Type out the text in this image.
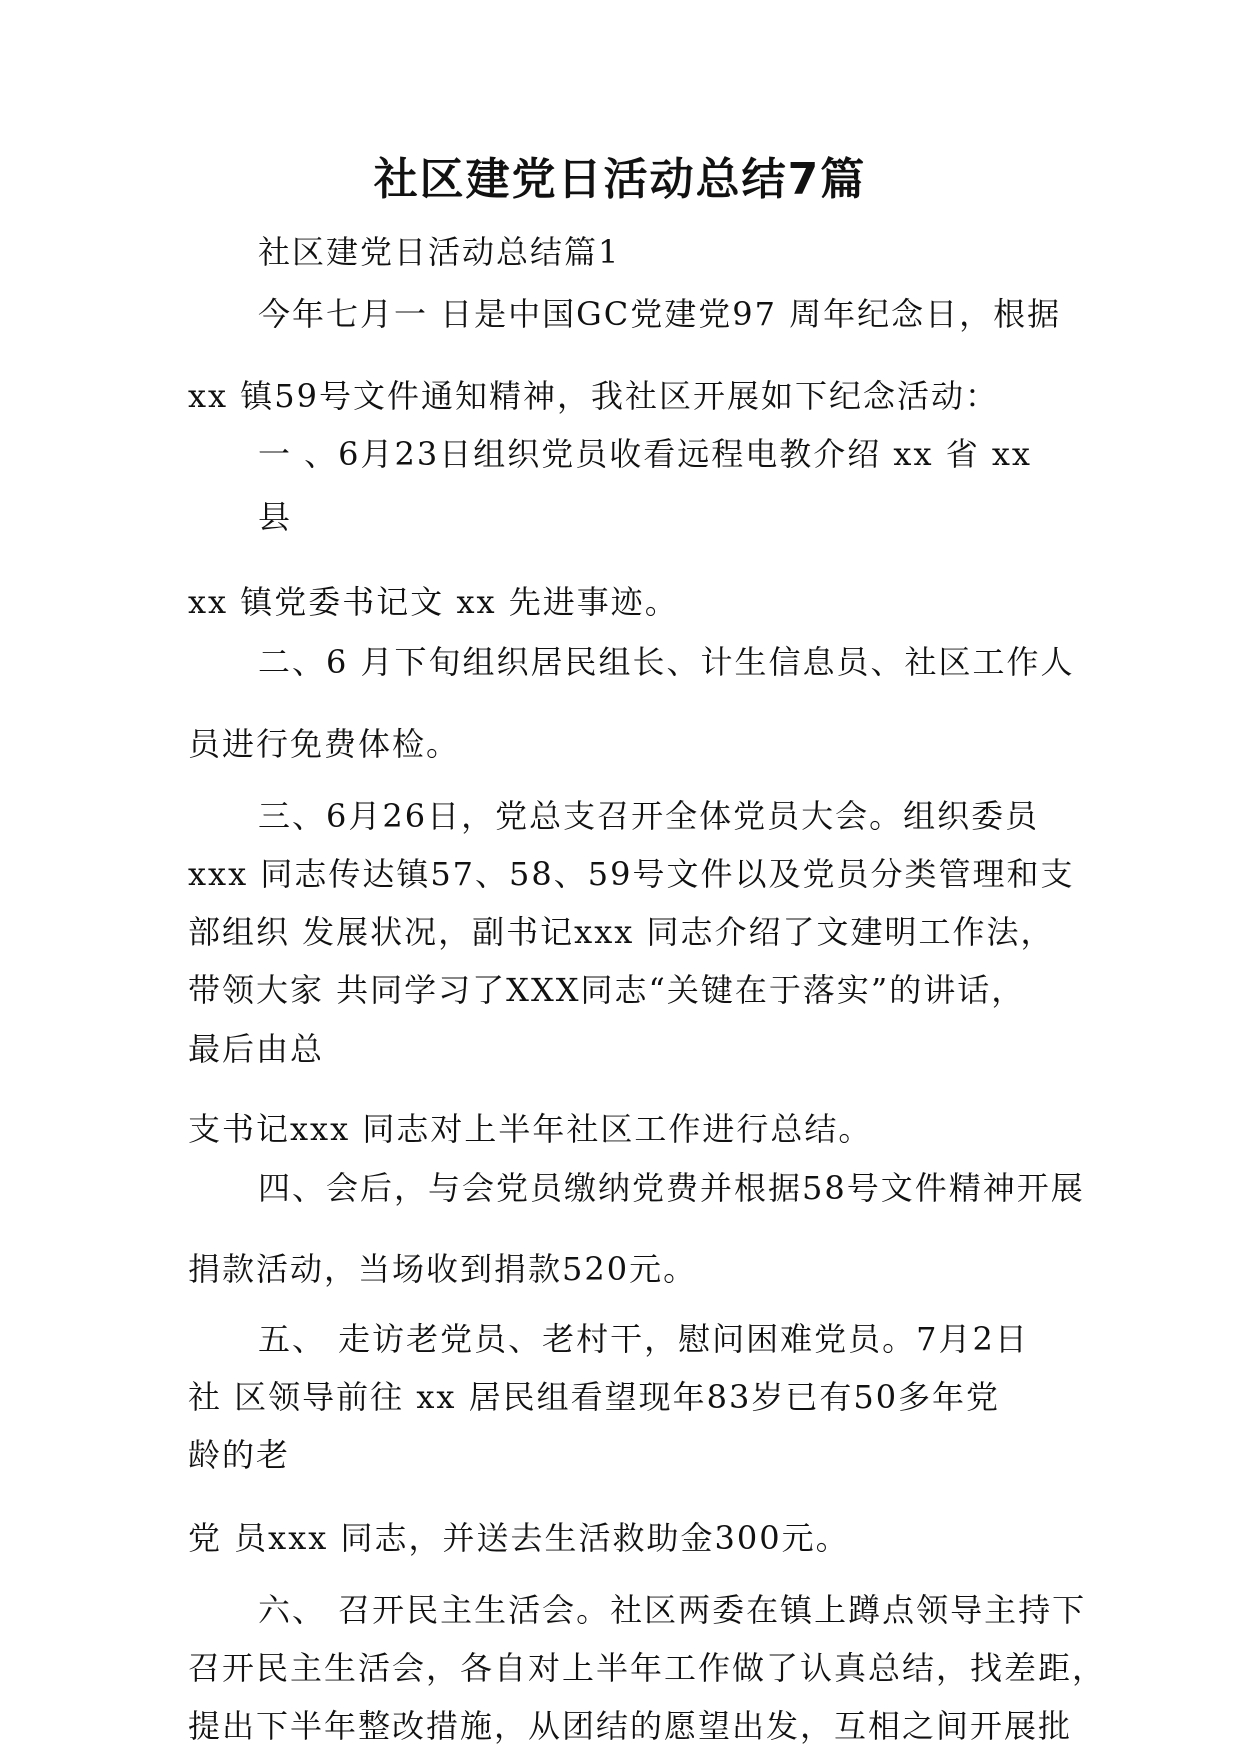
社区建党日活动总结7篇
社区建党日活动总结篇1
今年七月一 日是中国GC党建党97 周年纪念日，根据
xx 镇59号文件通知精神，我社区开展如下纪念活动：
一 、6月23日组织党员收看远程电教介绍 xx 省 xx
县
xx 镇党委书记文 xx 先进事迹。
二、6 月下旬组织居民组长、计生信息员、社区工作人
员进行免费体检。
三、6月26日，党总支召开全体党员大会。组织委员
xxx 同志传达镇57、58、59号文件以及党员分类管理和支
部组织 发展状况，副书记xxx 同志介绍了文建明工作法，
带领大家 共同学习了XXX同志“关键在于落实”的讲话，
最后由总
支书记xxx 同志对上半年社区工作进行总结。
四、会后，与会党员缴纳党费并根据58号文件精神开展
捐款活动，当场收到捐款520元。
五、 走访老党员、老村干，慰问困难党员。7月2日
社 区领导前往 xx 居民组看望现年83岁已有50多年党
龄的老
党 员xxx 同志，并送去生活救助金300元。
六、 召开民主生活会。社区两委在镇上蹲点领导主持下
召开民主生活会，各自对上半年工作做了认真总结，找差距，
提出下半年整改措施，从团结的愿望出发，互相之间开展批
